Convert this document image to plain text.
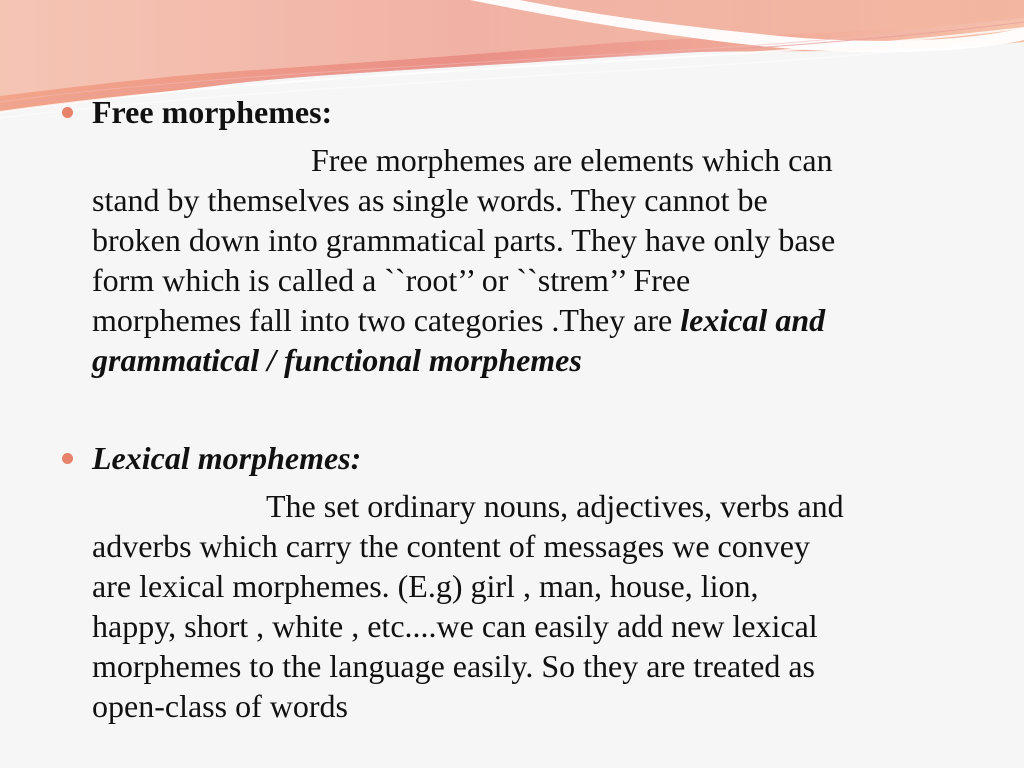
Free morphemes:
Free morphemes are elements which can
stand by themselves as single words. They cannot be
broken down into grammatical parts. They have only base
form which is called a ``root’’ or ``strem’’ Free
morphemes fall into two categories .They are lexical and
grammatical / functional morphemes
Lexical morphemes:
The set ordinary nouns, adjectives, verbs and
adverbs which carry the content of messages we convey
are lexical morphemes. (E.g) girl , man, house, lion,
happy, short , white , etc....we can easily add new lexical
morphemes to the language easily. So they are treated as
open-class of words
